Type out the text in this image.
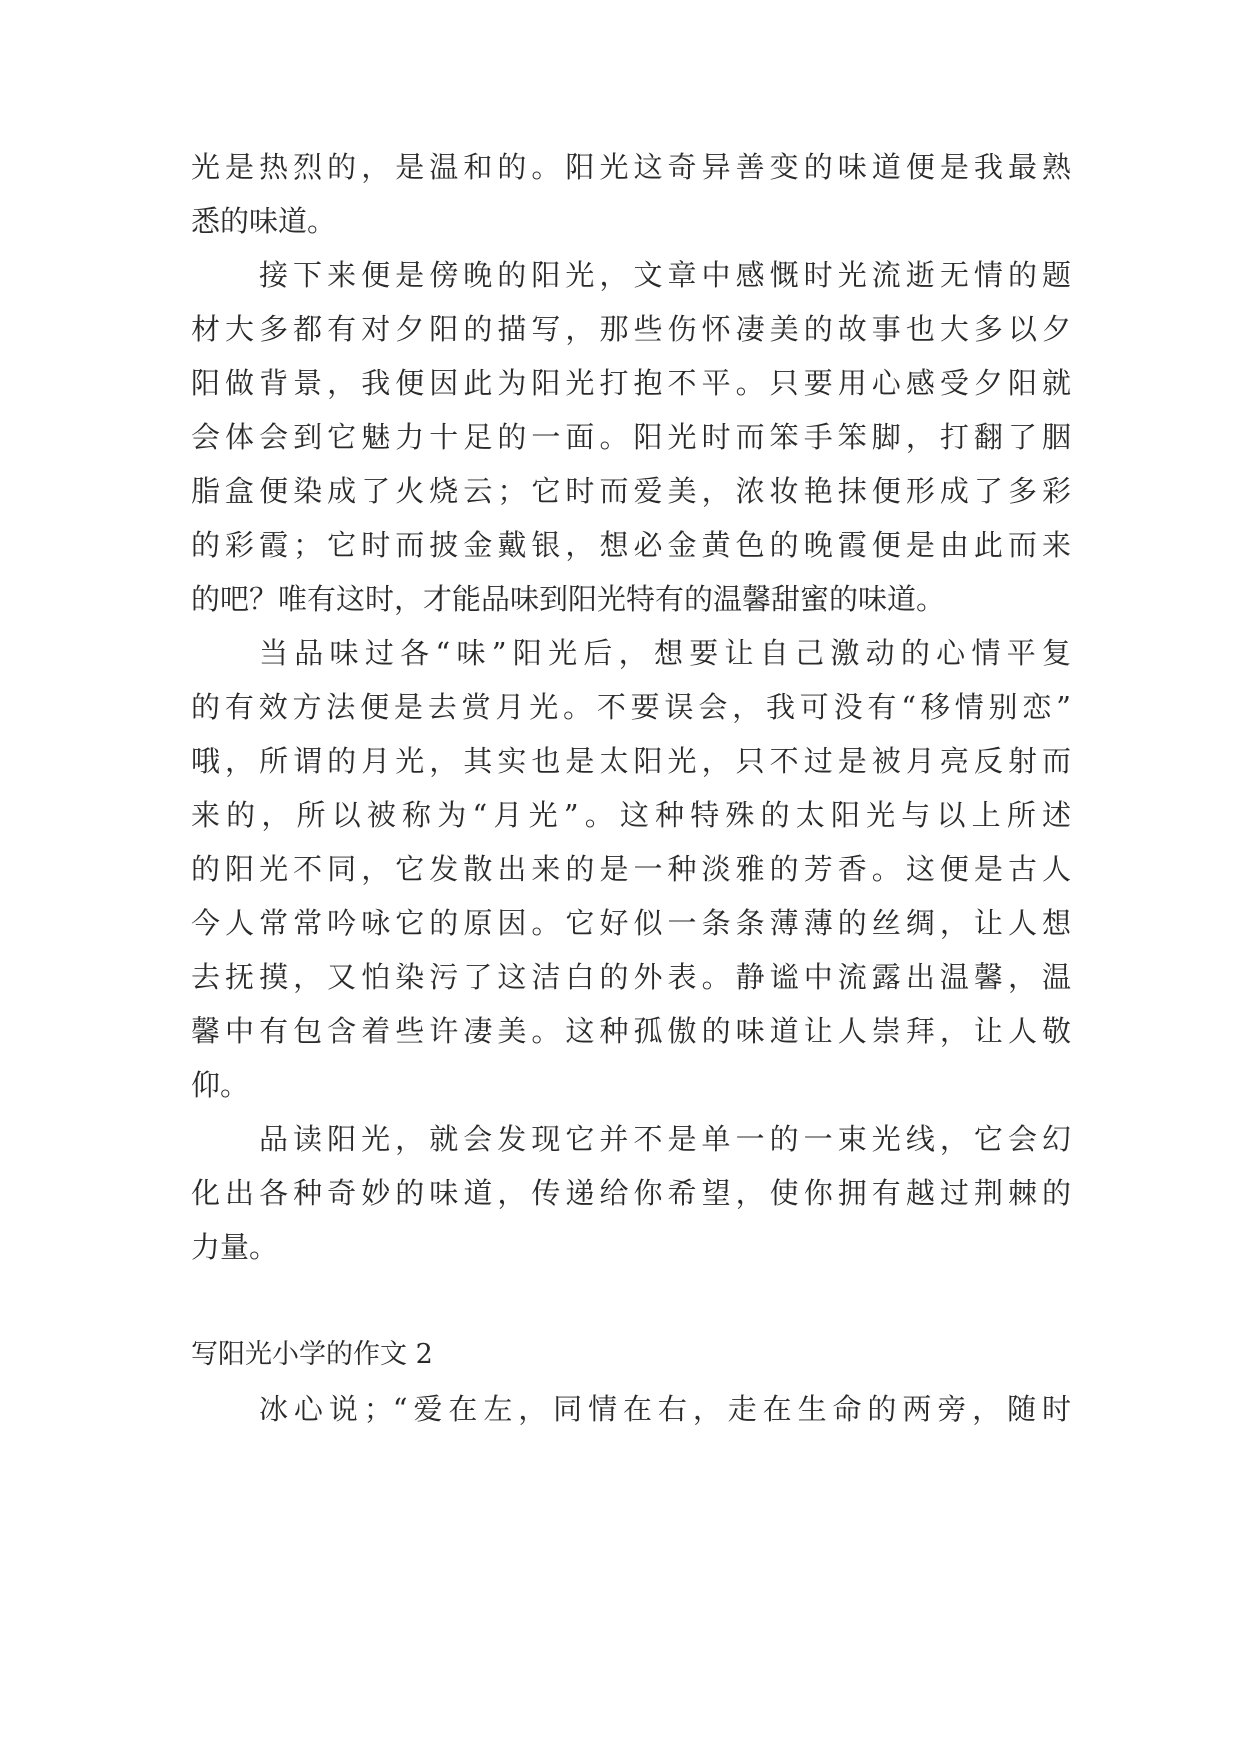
光是热烈的，是温和的。阳光这奇异善变的味道便是我最熟

悉的味道。

接下来便是傍晚的阳光，文章中感慨时光流逝无情的题

材大多都有对夕阳的描写，那些伤怀凄美的故事也大多以夕

阳做背景，我便因此为阳光打抱不平。只要用心感受夕阳就

会体会到它魅力十足的一面。阳光时而笨手笨脚，打翻了胭

脂盒便染成了火烧云；它时而爱美，浓妆艳抹便形成了多彩

的彩霞；它时而披金戴银，想必金黄色的晚霞便是由此而来

的吧？唯有这时，才能品味到阳光特有的温馨甜蜜的味道。

当品味过各“味”阳光后，想要让自己激动的心情平复

的有效方法便是去赏月光。不要误会，我可没有“移情别恋”

哦，所谓的月光，其实也是太阳光，只不过是被月亮反射而

来的，所以被称为“月光”。这种特殊的太阳光与以上所述

的阳光不同，它发散出来的是一种淡雅的芳香。这便是古人

今人常常吟咏它的原因。它好似一条条薄薄的丝绸，让人想

去抚摸，又怕染污了这洁白的外表。静谧中流露出温馨，温

馨中有包含着些许凄美。这种孤傲的味道让人崇拜，让人敬

仰。

品读阳光，就会发现它并不是单一的一束光线，它会幻

化出各种奇妙的味道，传递给你希望，使你拥有越过荆棘的

力量。

写阳光小学的作文 2

冰心说；“爱在左，同情在右，走在生命的两旁，随时
